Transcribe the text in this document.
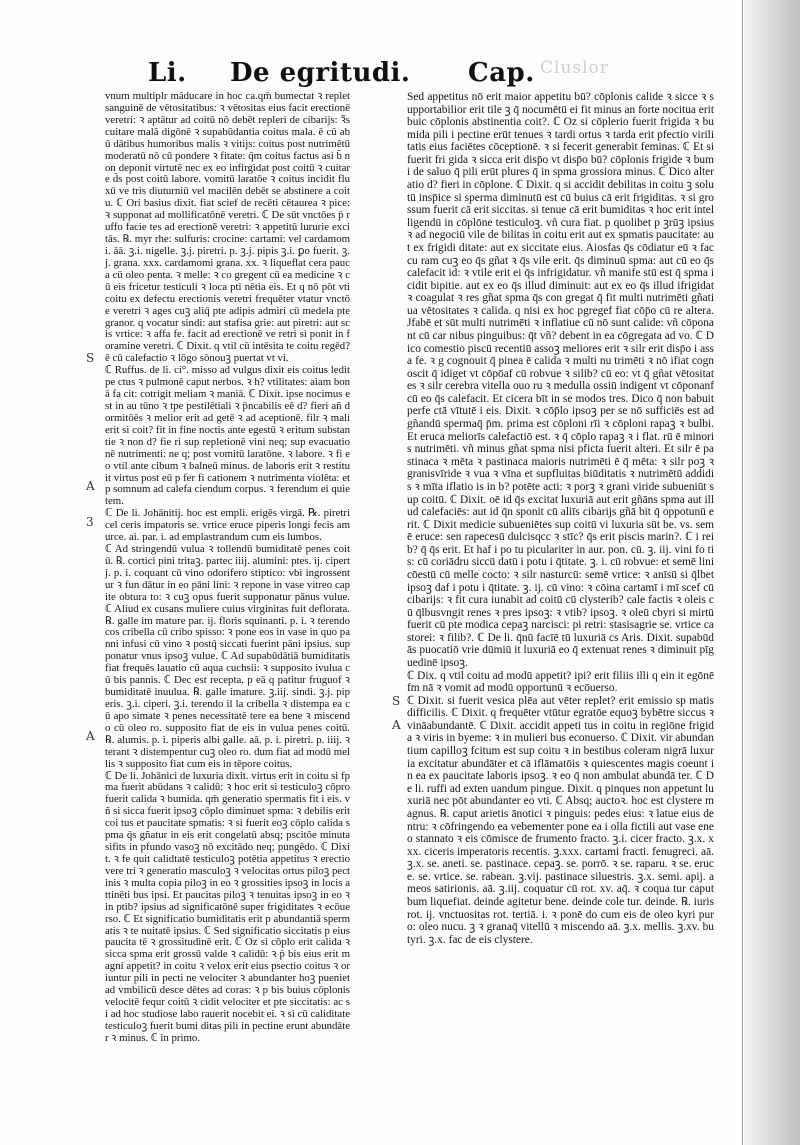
Cluslor
Li. De egritudi. Cap.
S
A
3
A
S
A

vnum multiplr māducare in hoc ca.qm̄ bumectat ꝛ replet sanguinē de vētositatibus: ꝛ vētositas eius facit erectionē veretri: ꝛ aptātur ad coitū nō debēt repleri de cibarijs: ꝛ̃s cuitare malā digōnē ꝛ supabūdantia coitus mala. ē cū abū dātibus humoribus malis ꝛ vitijs: coitus post nutrimētū moderatū nō cū pondere ꝛ fitate: q̄m coitus factus asi b̄ non deponit virtutē nec ex eo infirgidat post coitū ꝛ cuitare d̄s post coitū labore. vomitū laratōe ꝛ coitus incidit fluxū ve tris diuturniū vel macilēn debēt se abstinere a coitu. ℂ Ori basius dixit. fiat scief de recēti cētaurea ꝛ pice: ꝛ supponat ad mollificatōnē veretri. ℂ De sūt vnctōes p̄ ruffo facie tes ad erectionē veretri: ꝛ appetitū lururie excitās. ℞. myr rhe: sulfuris: crocine: cartami: vel cardamomi. āā. ꝫ.i. nigelle. ꝫ.j. piretri. p. ꝫ.j. pipis ꝫ.i. ꝑo fuerit. ꝫ.j. grana. xxx. cardamomi grana. xx. ꝛ liqueflat cera pauca cū oleo penta. ꝛ melle: ꝛ co gregent cū ea medicine ꝛ cū eis fricetur testiculi ꝛ loca pti nētia eis. Et q nō pōt vti coitu ex defectu erectionis veretri frequēter vtatur vnctōe veretri ꝛ ages cuꝫ aliq̄ pte adipis admiri cū medela pte granor. q vocatur sindi: aut stafisa grie: aut piretri: aut scis vrtice: ꝛ affa fe. facit ad erectionē ve retri si ponit in foramine veretri. ℂ Dixit. q vtil cū intēsita te coitu regēd?ē cū calefactio ꝛ lōgo sōnouꝫ puertat vt vi.

ℂ Ruffus. de li. ci°. misso ad vulgus dixit eis coitus ledit pe ctus ꝛ pulmonē caput nerbos. ꝛ h? vtilitates: aiam bonā fa cit: cotrigit meliam ꝛ maniā. ℂ Dixit. ipse nocimus est in au tūno ꝛ tpe pestilētiali ꝛ p̄ncabilis eē d? fieri añ dormitōēs ꝛ melior erit ad getē ꝛ ad aceptionē. filr ꝛ mali erit si coit? fit in fine noctis ante egestū ꝛ eritum substantie ꝛ non d? fie ri sup repletionē vini neq; sup evacuationē nutrimenti: ne q; post vomitū laratōne. ꝛ labore. ꝛ fi eo vtil ante cibum ꝛ balneū minus. de laboris erit ꝛ restituit virtus post eū p fer fi cationem ꝛ nutrimenta violēta: et p somnum ad calefa ciendum corpus. ꝛ ferendum ei quietem.

ℂ De li. Johānitij. hoc est empli. erigēs virgā. ℞. piretri cel ceris impatoris se. vrtice eruce piperis longi fecis amurce. ai. par. i. ad emplastrandum cum eis lumbos.

ℂ Ad stringendū vulua ꝛ tollendū bumiditatē penes coitū. ℞. cortici pini tritaꝫ. partec iiij. alumini: ptes. ij. cipertj. p. i. coquant cū vino odorifero stiptico: vbi ingrossentur ꝛ fun dātur in eo pāni lini: ꝛ repone in vase vitreo capite obtura to: ꝛ cuꝫ opus fuerit supponatur pānus vulue. ℂ Aliud ex cusans muliere cuius virginitas fuit deflorata. ℞. galle im mature par. ij. floris squinanti. p. i. ꝛ terendo cos cribella cū cribo spisso: ꝛ pone eos in vase in quo panni infusi cū vino ꝛ postq̄ siccati fuerint pāni ipsius. supponatur vnus ipsoꝫ vulue. ℂ Ad supabūdātiā bumiditatis fiat frequēs lauatio cū aqua cuchsii: ꝛ supposito ivulua cū bis pannis. ℂ Dec est recepta. p eā q patitur fruguof ꝛ bumiditatē inuulua. ℞. galle imature. ꝫ.iij. sindi. ꝫ.j. piperis. ꝫ.i. ciperi. ꝫ.i. terendo il la cribella ꝛ distempa ea cū apo simate ꝛ penes necessitatē tere ea bene ꝛ miscendo cū oleo ro. supposito fiat de eis in vulua penes coitū. ℞. alumis. p. i. piperis albi galle. aā. p. i. piretri. p. iiij. ꝛ terant ꝛ distempentur cuꝫ oleo ro. dum fiat ad modū mellis ꝛ supposito fiat cum eis in tēpore coitus.

ℂ De li. Johānici de luxuria dixit. virtus erit in coitu si fp ma fuerit abūdans ꝛ calidū: ꝛ hoc erit si testiculoꝫ cōpro fuerit calida ꝛ bumida. qm̄ generatio spermatis fit i eis. vñ si sicca fuerit ipsoꝫ cōplo diminuet spma: ꝛ debilis erit coi tus et paucitate spmatis: ꝛ si fuerit eoꝫ cōplo calida spma q̄s gñatur in eis erit congelatū absq; pscitōe minuta sifits in pfundo vasoꝫ nō excitādo neq; pungēdo. ℂ Dixit. ꝛ fe quit calidtatē testiculoꝫ potētia appetitus ꝛ erectio vere tri ꝛ generatio masculoꝫ ꝛ velocitas ortus piloꝫ pectinis ꝛ multa copia piloꝫ in eo ꝛ grossities ipsoꝫ in locis attinēti bus ipsi. Et paucitas piloꝫ ꝛ tenuitas ipsoꝫ in eo ꝛ in ptib? ipsius ad significatōnē super frigiditates ꝛ ecōuerso. ℂ Et significatio bumiditatis erit p abundantiā spermatis ꝛ te nuitatē ipsius. ℂ Sed significatio siccitatis p eius paucita tē ꝛ grossitudinē erit. ℂ Oz si cōplo erit calida ꝛ sicca spma erit grossū valde ꝛ calidū: ꝛ p̄ bis eius erit magni appetit? in coitu ꝛ velox erit eius psectio coitus ꝛ oriuntur pili in pecti ne velociter ꝛ abundanter hoꝫ pueniet ad vmbilicū desce dētes ad coras: ꝛ p bis buius cōplonis velocitē fequr coitū ꝛ cidit velociter et pte siccitatis: ac si ad hoc studiose labo rauerit nocebit ei. ꝛ si cū caliditate testiculoꝫ fuerit bumi ditas pili in pectine erunt abundāter ꝛ minus. ℂ in primo.

Sed appetitus nō erit maior appetitu bū? cōplonis calide ꝛ sicce ꝛ supportabilior erit tile ꝫ q̄ nocumētū ei fit minus an forte nocitua erit buic cōplonis abstinentia coit?. ℂ Oz si cōplerio fuerit frigida ꝛ bumida pili i pectine erūt tenues ꝛ tardi ortus ꝛ tarda erit pfectio virilitatis eius faciētes cōceptionē. ꝛ si fecerit generabit feminas. ℂ Et si fuerit fri gida ꝛ sicca erit disp̄o vt disp̄o bū? cōplonis frigide ꝛ bumi de saluo q̄ pili erūt plures q̄ in spma grossiora minus. ℂ Dico alteratio d? fieri in cōplone. ℂ Dixit. q si accidit debilitas in coitu ꝫ solutū insp̄ice si sperma diminutū est cū buius cā erit frigiditas. ꝛ si grossum fuerit cā erit siccitas. si tenue cā erit bumiditas ꝛ hoc erit intelligendū in cōplōne testiculoꝫ. vñ cura fiat. p quolibet p ꝫrūꝫ ipsius ꝛ ad negociū vile de bilitas in coitu erit aut ex spmatis paucitate: aut ex frigidi ditate: aut ex siccitate eius. Aiosfas q̄s cōdiatur eū ꝛ fac cu ram cuꝫ eo q̄s gñat ꝛ q̄s vile erit. q̄s diminuū spma: aut cū eo q̄s calefacit id: ꝛ vtile erit ei q̄s infrigidatur. vñ manife stū est q̄ spma icidit bipitie. aut ex eo q̄s illud diminuit: aut ex eo q̄s illud ifrigidat ꝛ coagulat ꝛ res gñat spma q̄s con gregat q̄ fit multi nutrimēti gñatiua vētositates ꝛ calida. q nisi ex hoc pgregef fiat cōp̄o cū re altera. Jfabē et sūt multi nutrimēti ꝛ inflatiue cū nō sunt calide: vñ cōponant cū car nibus pinguibus: q̄t vñ? debent in ea cōgregata ad vo. ℂ Dico comestio piscū recentiū assoꝫ meliores erit ꝛ silr erit disp̄o i assa fe. ꝛ g cognouit q̄ pinea ē calida ꝛ multi nu trimēti ꝛ nō ifiat cognoscit q̄ idiget vt cōpōaf cū robvue ꝛ silib? cū eo: vt q̄ gñat vētositates ꝛ silr cerebra vitella ouo ru ꝛ medulla ossiū indigent vt cōponanf cū eo q̄s calefacit. Et cicera bīt in se modos tres. Dico q̄ non babuit perfe ctā vītutē i eis. Dixit. ꝛ cōp̄lo ipsoꝫ per se nō sufficiēs est ad gñandū spermaq̄ p̄m. prima est cōploni rīi ꝛ cōploni rapaꝫ ꝛ bulbi. Et eruca meliorīs calefactiō est. ꝛ q̄ cōplo rapaꝫ ꝛ i flat. rū ē minoris nutrimēti. vñ minus gñat spma nisi pficta fuerit alteri. Et silr ē pastinaca ꝛ mēta ꝛ pastinaca maioris nutrimēti ē q̄ mēta: ꝛ silr poꝫ ꝛ granisvīride ꝛ vua ꝛ vīna et supfluitas biūditatis ꝛ nutrimētū addidis ꝛ mīta iflatio is in b? potēte acti: ꝛ porꝫ ꝛ grani viride subueniūt sup coitū. ℂ Dixit. oē id q̄s excitat luxuriā aut erit gñāns spma aut illud calefaciēs: aut id q̄n sponit cū aliīs cibarijs gñā bit q̄ oppotunū erit. ℂ Dixit medicie subueniētes sup coitū vi luxuria sūt be. vs. semē eruce: sen rapecesū dulcisqcc ꝛ stīc? q̄s erit piscis marin?. ℂ i reib? q̄ q̄s erit. Et haf i po tu piculariter in aur. pon. cū. ꝫ. iij. vini fo tis: cū coriādru siccū datū i potu i q̄titate. ꝫ. i. cū robvue: et semē lini cōestū cū melle cocto: ꝛ silr nasturcū: semē vrtice: ꝛ anīsū si q̄lbet ipsoꝫ daf i potu i q̄titate. ꝫ. ij. cū vino: ꝛ cōina cartamī i mī scef cū cibarijs: ꝛ fit cura iunabit ad coitū cū clysterib? cale factis ꝛ oleis cū q̄lbusvngit renes ꝛ pres ipsoꝫ: ꝛ vtib? ipsoꝫ. ꝛ oleū cbyri si mirtū fuerit cū pte modica cepaꝫ narcisci: pi retri: stasisagrie se. vrtice castorei: ꝛ filib?. ℂ De li. q̄nū facīē tū luxuriā cs Aris. Dixit. supabūdās puocatiō vrie dūmiū it luxuriā eo q̄ extenuat renes ꝛ diminuit pīguedinē ipsoꝫ.

ℂ Dix. q vtil coitu ad modū appetit? ipi? erit filiis illi q ein it egōnē fm nā ꝛ vomit ad modū opportunū ꝛ ecōuerso.

ℂ Dixit. si fuerit vesica plēa aut vēter replet? erit emissio sp matis difficilis. ℂ Dixit. q frequēter vtūtur egratōe equoꝫ bybētre siccus ꝛ vināabundantē. ℂ Dixit. accidit appeti tus in coitu in regiōne frigida ꝛ viris in byeme: ꝛ in mulieri bus econuerso. ℂ Dixit. vir abundantium capilloꝫ fcitum est sup coitu ꝛ in bestibus coleram nigrā luxuria excitatur abundāter et cā iflāmatōis ꝛ quiescentes magis coeunt in ea ex paucitate laboris ipsoꝫ. ꝛ eo q̄ non ambulat abundā ter. ℂ De li. ruffi ad exten uandum pingue. Dixit. q pinques non appetunt luxuriā nec pōt abundanter eo vti. ℂ Absq; auctoꝛ. hoc est clystere magnus. ℞. caput arietis ānotici ꝛ pinguis: pedes eius: ꝛ latue eius dentru: ꝛ cōfringendo ea vebementer pone ea i olla fictili aut vase eneo stannato ꝛ eis cōmisce de frumento fracto. ꝫ.i. cicer fracto. ꝫ.x. xxx. ciceris imperatoris recentis. ꝫ.xxx. cartami fracti. fenugreci. aā. ꝫ.x. se. aneti. se. pastinace. cepaꝫ. se. porrō. ꝛ se. raparu. ꝛ se. eruce. se. vrtice. se. rabean. ꝫ.vij. pastinace siluestris. ꝫ.x. semi. apij. ameos satirionis. aā. ꝫ.iij. coquatur cū rot. xv. aq̄. ꝛ coqua tur caput bum liquefiat. deinde agitetur bene. deinde cole tur. deinde. ℞. iuris rot. ij. vnctuositas rot. tertiā. i. ꝛ ponē do cum eis de oleo kyri puro: oleo nucu. ꝫ ꝛ granaq̄ vitellū ꝛ miscendo aā. ꝫ.x. mellis. ꝫ.xv. butyri. ꝫ.x. fac de eis clystere.
